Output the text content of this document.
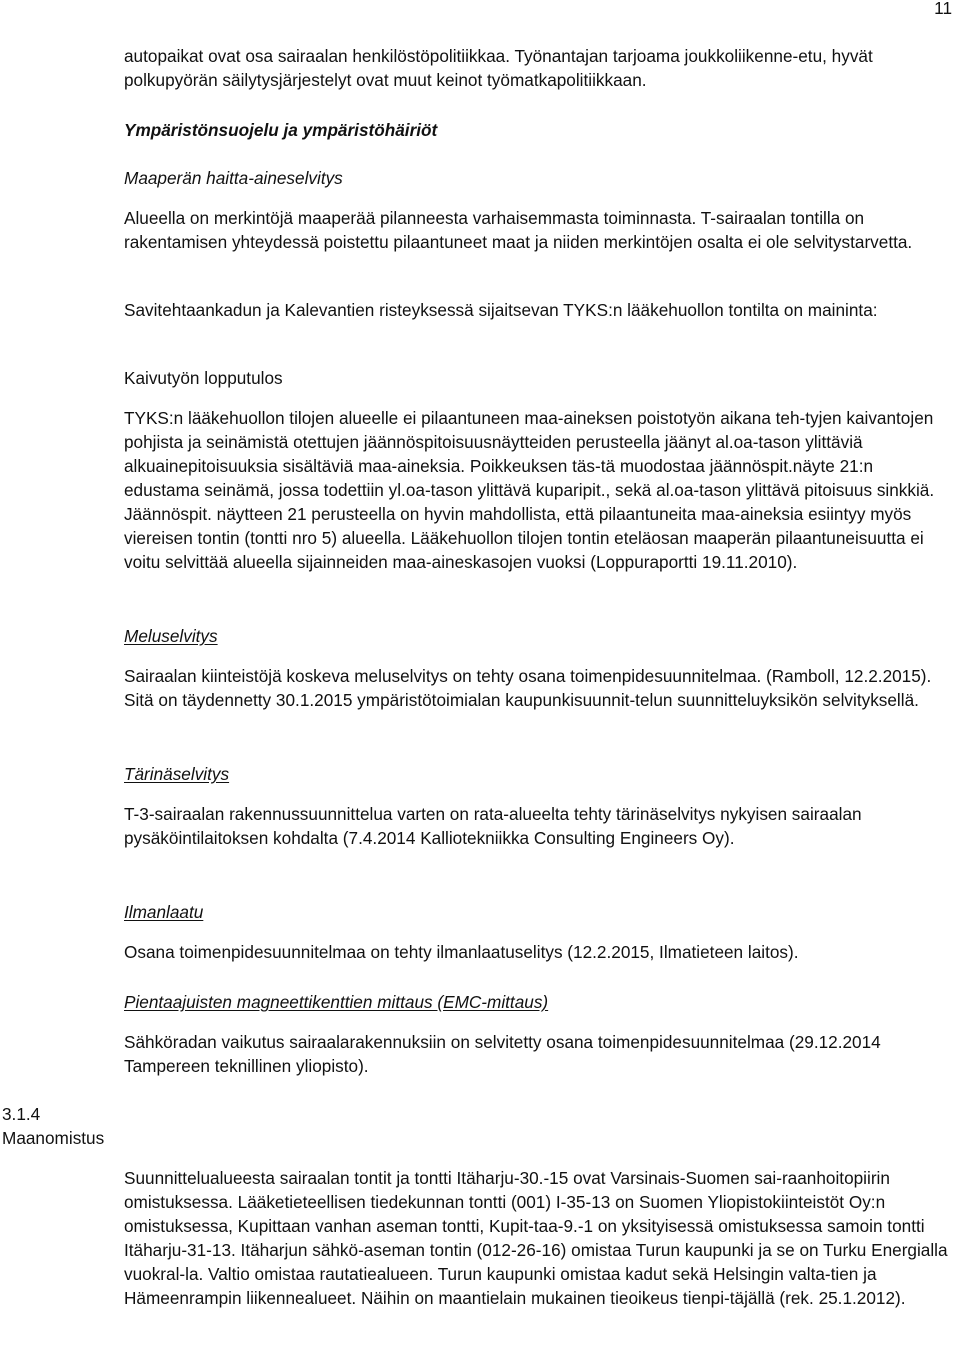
11

autopaikat ovat osa sairaalan henkilöstöpolitiikkaa. Työnantajan tarjoama joukkoliikenne-etu, hyvät polkupyörän säilytysjärjestelyt ovat muut keinot työmatkapolitiikkaan.

Ympäristönsuojelu ja ympäristöhäiriöt

Maaperän haitta-aineselvitys

Alueella on merkintöjä maaperää pilanneesta varhaisemmasta toiminnasta. T-sairaalan tontilla on rakentamisen yhteydessä poistettu pilaantuneet maat ja niiden merkintöjen osalta ei ole selvitystarvetta.

Savitehtaankadun ja Kalevantien risteyksessä sijaitsevan TYKS:n lääkehuollon tontilta on maininta:

Kaivutyön lopputulos

TYKS:n lääkehuollon tilojen alueelle ei pilaantuneen maa-aineksen poistotyön aikana teh-tyjen kaivantojen pohjista ja seinämistä otettujen jäännöspitoisuusnäytteiden perusteella jäänyt al.oa-tason ylittäviä alkuainepitoisuuksia sisältäviä maa-aineksia. Poikkeuksen täs-tä muodostaa jäännöspit.näyte 21:n edustama seinämä, jossa todettiin yl.oa-tason ylittävä kuparipit., sekä al.oa-tason ylittävä pitoisuus sinkkiä. Jäännöspit. näytteen 21 perusteella on hyvin mahdollista, että pilaantuneita maa-aineksia esiintyy myös viereisen tontin (tontti nro 5) alueella. Lääkehuollon tilojen tontin eteläosan maaperän pilaantuneisuutta ei voitu selvittää alueella sijainneiden maa-aineskasojen vuoksi (Loppuraportti 19.11.2010).

Meluselvitys

Sairaalan kiinteistöjä koskeva meluselvitys on tehty osana toimenpidesuunnitelmaa. (Ramboll, 12.2.2015). Sitä on täydennetty 30.1.2015 ympäristötoimialan kaupunkisuunnit-telun suunnitteluyksikön selvityksellä.

Tärinäselvitys

T-3-sairaalan rakennussuunnittelua varten on rata-alueelta tehty tärinäselvitys nykyisen sairaalan pysäköintilaitoksen kohdalta (7.4.2014 Kalliotekniikka Consulting Engineers Oy).

Ilmanlaatu

Osana toimenpidesuunnitelmaa on tehty ilmanlaatuselitys (12.2.2015, Ilmatieteen laitos).

Pientaajuisten magneettikenttien mittaus (EMC-mittaus)

Sähköradan vaikutus sairaalarakennuksiin on selvitetty osana toimenpidesuunnitelmaa (29.12.2014 Tampereen teknillinen yliopisto).

3.1.4
Maanomistus

Suunnittelualueesta sairaalan tontit ja tontti Itäharju-30.-15 ovat Varsinais-Suomen sai-raanhoitopiirin omistuksessa. Lääketieteellisen tiedekunnan tontti (001) I-35-13 on Suomen Yliopistokiinteistöt Oy:n omistuksessa, Kupittaan vanhan aseman tontti, Kupit-taa-9.-1 on yksityisessä omistuksessa samoin tontti Itäharju-31-13. Itäharjun sähkö-aseman tontin (012-26-16) omistaa Turun kaupunki ja se on Turku Energialla vuokral-la. Valtio omistaa rautatiealueen. Turun kaupunki omistaa kadut sekä Helsingin valta-tien ja Hämeenrampin liikennealueet. Näihin on maantielain mukainen tieoikeus tienpi-täjällä (rek. 25.1.2012).
